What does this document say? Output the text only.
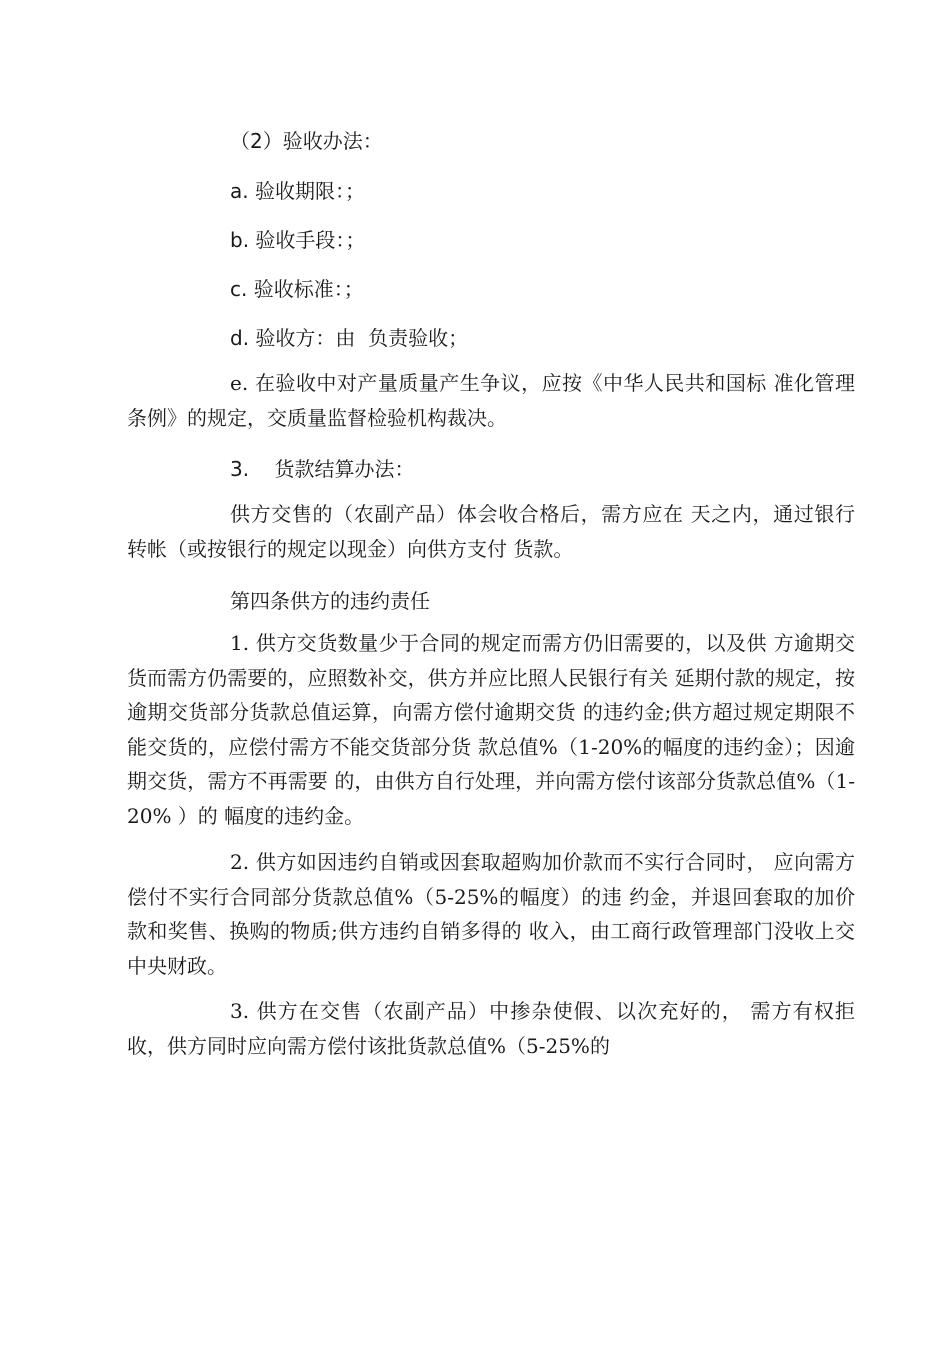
（2）验收办法：
a. 验收期限：；
b. 验收手段：；
c. 验收标准：；
d. 验收方：由  负责验收；
e. 在验收中对产量质量产生争议，应按《中华人民共和国标 准化管理条例》的规定，交质量监督检验机构裁决。
3.    货款结算办法：
供方交售的（农副产品）体会收合格后，需方应在 天之内，通过银行转帐（或按银行的规定以现金）向供方支付 货款。
第四条供方的违约责任
1. 供方交货数量少于合同的规定而需方仍旧需要的，以及供 方逾期交货而需方仍需要的，应照数补交，供方并应比照人民银行有关 延期付款的规定，按逾期交货部分货款总值运算，向需方偿付逾期交货 的违约金;供方超过规定期限不能交货的，应偿付需方不能交货部分货 款总值%（1-20%的幅度的违约金）；因逾期交货，需方不再需要 的，由供方自行处理，并向需方偿付该部分货款总值%（1-20% ）的 幅度的违约金。
2. 供方如因违约自销或因套取超购加价款而不实行合同时， 应向需方偿付不实行合同部分货款总值%（5-25%的幅度）的违 约金，并退回套取的加价款和奖售、换购的物质;供方违约自销多得的 收入，由工商行政管理部门没收上交中央财政。
3. 供方在交售（农副产品）中掺杂使假、以次充好的， 需方有权拒收，供方同时应向需方偿付该批货款总值%（5-25%的
